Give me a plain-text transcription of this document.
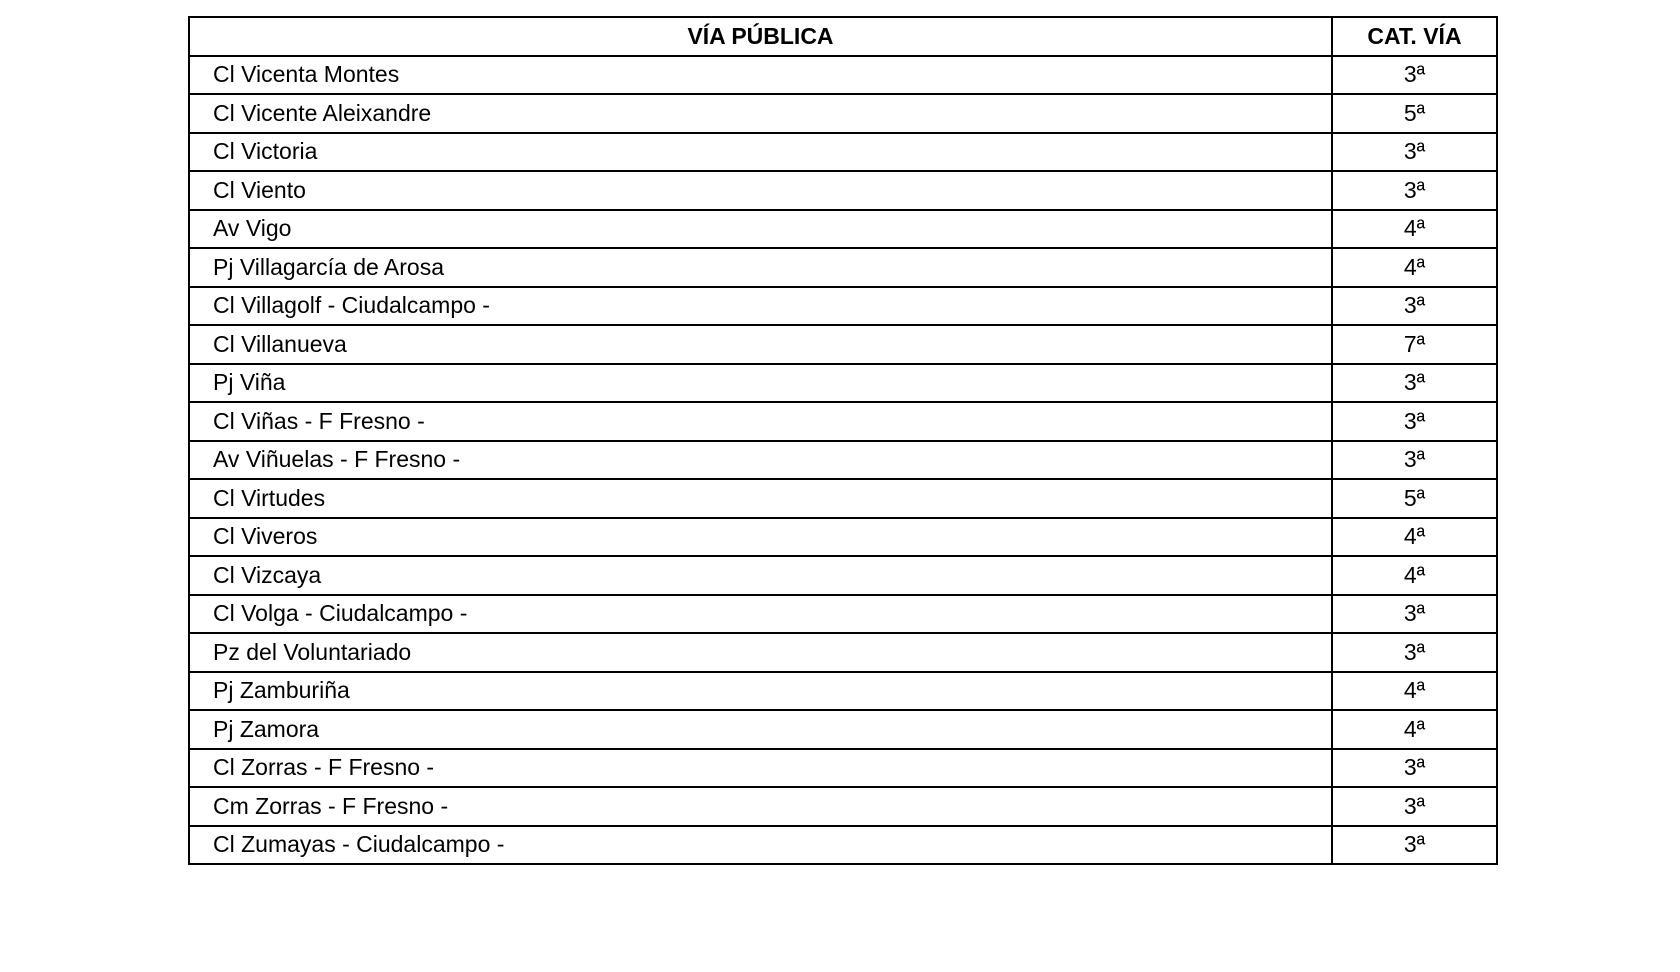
VÍA PÚBLICA	CAT. VÍA
Cl Vicenta Montes	3ª
Cl Vicente Aleixandre	5ª
Cl Victoria	3ª
Cl Viento	3ª
Av Vigo	4ª
Pj Villagarcía de Arosa	4ª
Cl Villagolf - Ciudalcampo -	3ª
Cl Villanueva	7ª
Pj Viña	3ª
Cl Viñas - F Fresno -	3ª
Av Viñuelas - F Fresno -	3ª
Cl Virtudes	5ª
Cl Viveros	4ª
Cl Vizcaya	4ª
Cl Volga - Ciudalcampo -	3ª
Pz del Voluntariado	3ª
Pj Zamburiña	4ª
Pj Zamora	4ª
Cl Zorras - F Fresno -	3ª
Cm Zorras - F Fresno -	3ª
Cl Zumayas - Ciudalcampo -	3ª
